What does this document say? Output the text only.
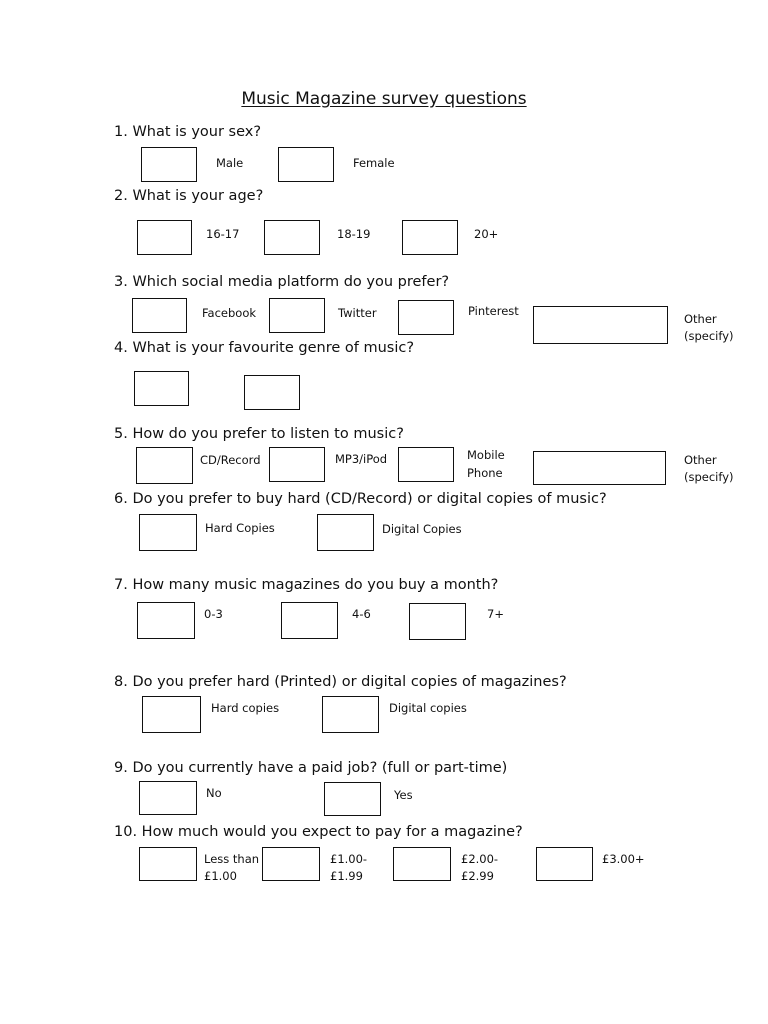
Music Magazine survey questions
1. What is your sex?
Male	Female
2. What is your age?
16-17	18-19	20+
3. Which social media platform do you prefer?
Facebook	Twitter	Pinterest
Other
(specify)
4. What is your favourite genre of music?
5. How do you prefer to listen to music?
CD/Record	MP3/iPod	Mobile
Phone
Other
(specify)
6. Do you prefer to buy hard (CD/Record) or digital copies of music?
Hard Copies	Digital Copies
7. How many music magazines do you buy a month?
0-3	4-6	7+
8. Do you prefer hard (Printed) or digital copies of magazines?
Hard copies	Digital copies
9. Do you currently have a paid job? (full or part-time)
No	Yes
10. How much would you expect to pay for a magazine?
Less than
£1.00
£1.00-
£1.99
£2.00-
£2.99
£3.00+
